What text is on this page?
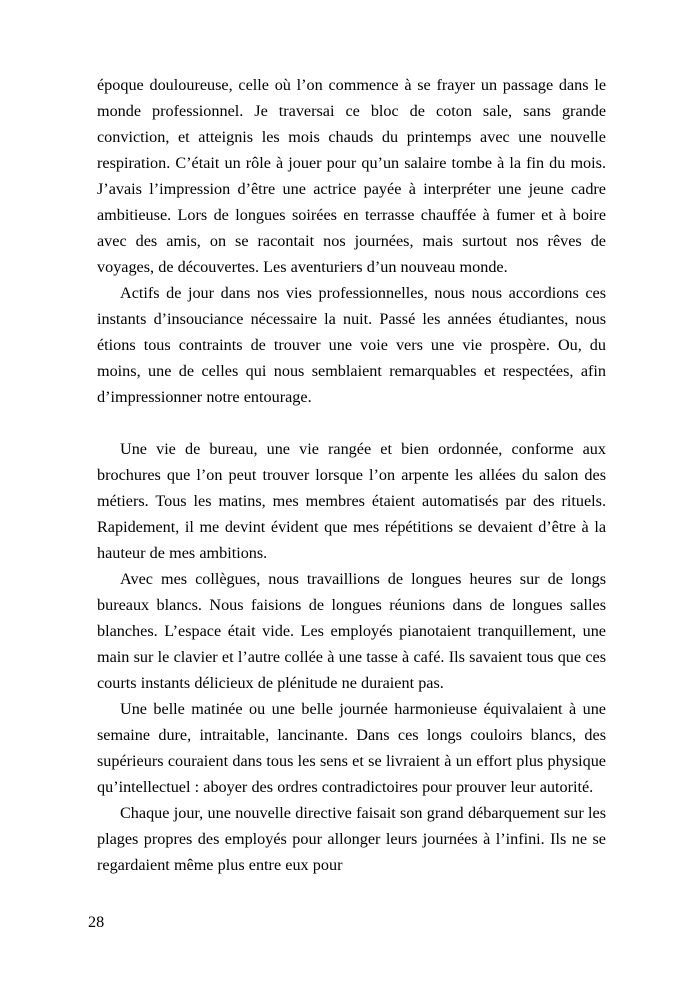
époque douloureuse, celle où l’on commence à se frayer un passage dans le monde professionnel. Je traversai ce bloc de coton sale, sans grande conviction, et atteignis les mois chauds du printemps avec une nouvelle respiration. C’était un rôle à jouer pour qu’un salaire tombe à la fin du mois. J’avais l’impression d’être une actrice payée à interpréter une jeune cadre ambitieuse. Lors de longues soirées en terrasse chauffée à fumer et à boire avec des amis, on se racontait nos journées, mais surtout nos rêves de voyages, de découvertes. Les aventuriers d’un nouveau monde.

Actifs de jour dans nos vies professionnelles, nous nous accordions ces instants d’insouciance nécessaire la nuit. Passé les années étudiantes, nous étions tous contraints de trouver une voie vers une vie prospère. Ou, du moins, une de celles qui nous semblaient remarquables et respectées, afin d’impressionner notre entourage.

Une vie de bureau, une vie rangée et bien ordonnée, conforme aux brochures que l’on peut trouver lorsque l’on arpente les allées du salon des métiers. Tous les matins, mes membres étaient automatisés par des rituels. Rapidement, il me devint évident que mes répétitions se devaient d’être à la hauteur de mes ambitions.

Avec mes collègues, nous travaillions de longues heures sur de longs bureaux blancs. Nous faisions de longues réunions dans de longues salles blanches. L’espace était vide. Les employés pianotaient tranquillement, une main sur le clavier et l’autre collée à une tasse à café. Ils savaient tous que ces courts instants délicieux de plénitude ne duraient pas.

Une belle matinée ou une belle journée harmonieuse équivalaient à une semaine dure, intraitable, lancinante. Dans ces longs couloirs blancs, des supérieurs couraient dans tous les sens et se livraient à un effort plus physique qu’intellectuel : aboyer des ordres contradictoires pour prouver leur autorité.

Chaque jour, une nouvelle directive faisait son grand débarquement sur les plages propres des employés pour allonger leurs journées à l’infini. Ils ne se regardaient même plus entre eux pour

28
